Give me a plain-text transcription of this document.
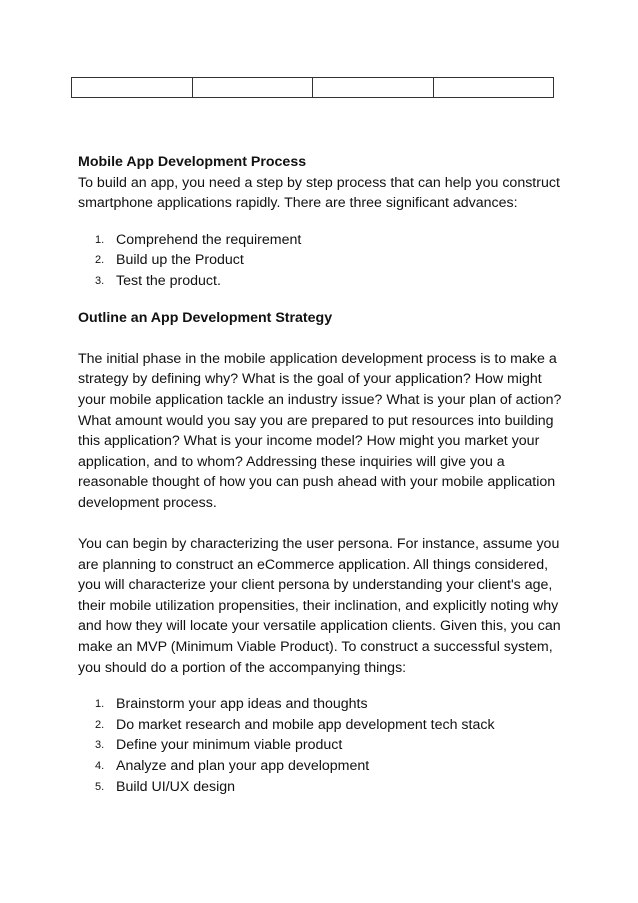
Mobile App Development Process

To build an app, you need a step by step process that can help you construct smartphone applications rapidly. There are three significant advances:

1. Comprehend the requirement
2. Build up the Product
3. Test the product.

Outline an App Development Strategy

The initial phase in the mobile application development process is to make a strategy by defining why? What is the goal of your application? How might your mobile application tackle an industry issue? What is your plan of action? What amount would you say you are prepared to put resources into building this application? What is your income model? How might you market your application, and to whom? Addressing these inquiries will give you a reasonable thought of how you can push ahead with your mobile application development process.

You can begin by characterizing the user persona. For instance, assume you are planning to construct an eCommerce application. All things considered, you will characterize your client persona by understanding your client's age, their mobile utilization propensities, their inclination, and explicitly noting why and how they will locate your versatile application clients. Given this, you can make an MVP (Minimum Viable Product). To construct a successful system, you should do a portion of the accompanying things:

1. Brainstorm your app ideas and thoughts
2. Do market research and mobile app development tech stack
3. Define your minimum viable product
4. Analyze and plan your app development
5. Build UI/UX design
